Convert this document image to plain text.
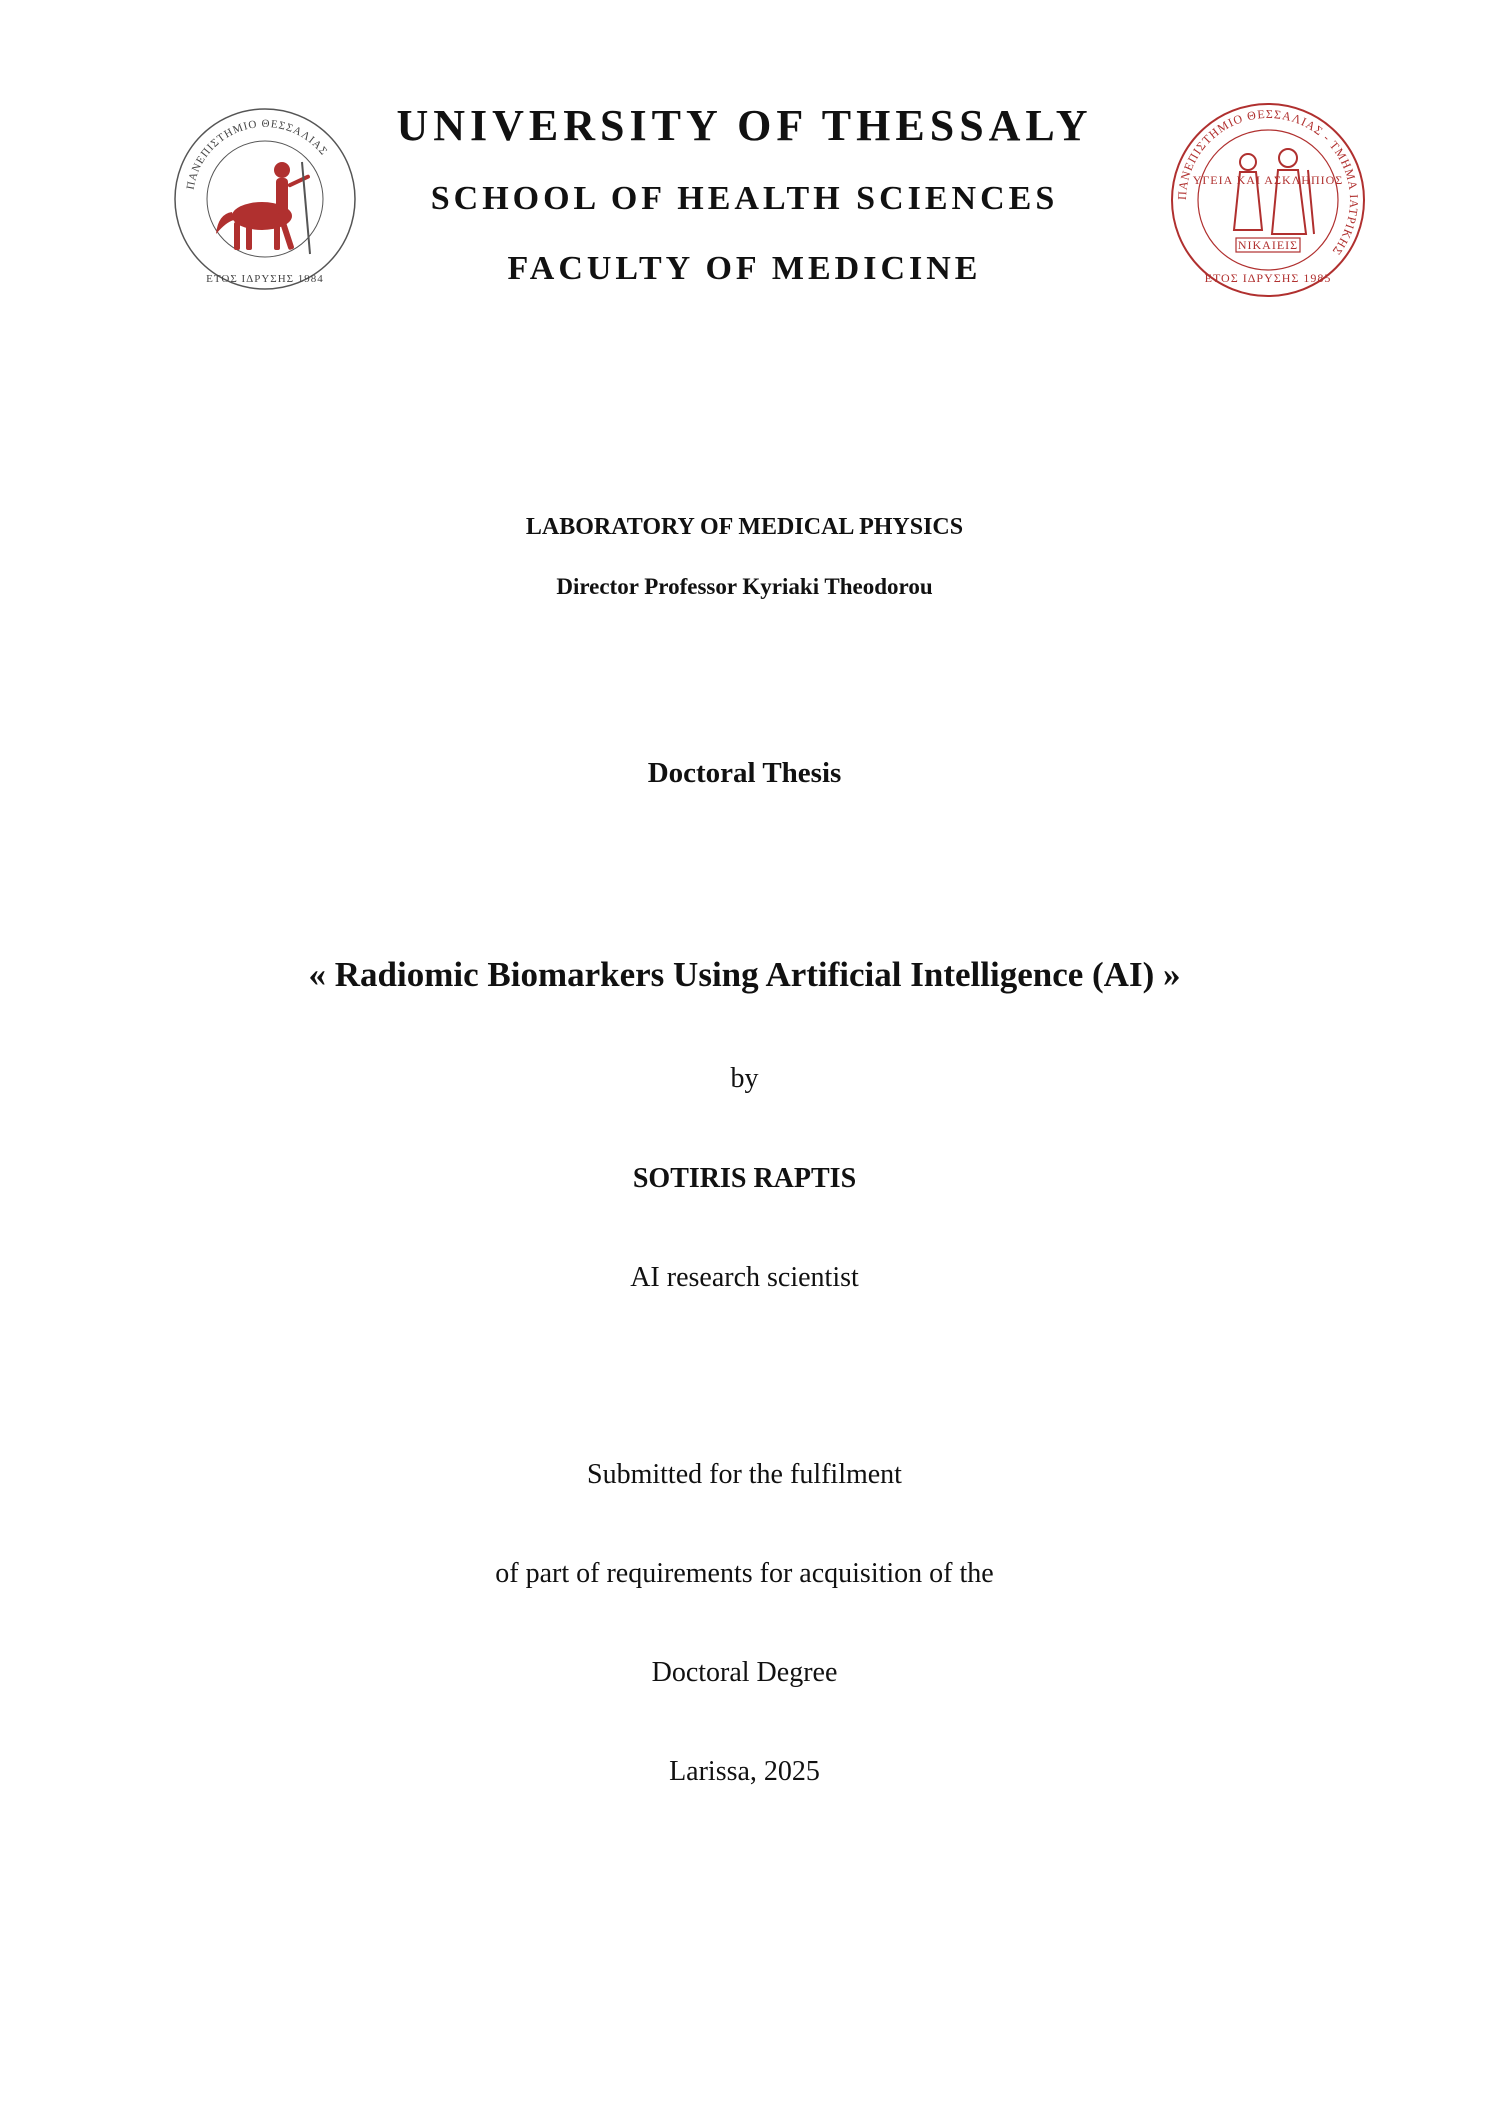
ΠΑΝΕΠΙΣΤΗΜΙΟ ΘΕΣΣΑΛΙΑΣ
ΕΤΟΣ ΙΔΡΥΣΗΣ 1984
ΠΑΝΕΠΙΣΤΗΜΙΟ ΘΕΣΣΑΛΙΑΣ - ΤΜΗΜΑ ΙΑΤΡΙΚΗΣ
ΥΓΕΙΑ ΚΑΙ ΑΣΚΛΗΠΙΟΣ
ΝΙΚΑΙΕΙΣ
ΕΤΟΣ ΙΔΡΥΣΗΣ 1985
UNIVERSITY OF THESSALY
SCHOOL OF HEALTH SCIENCES
FACULTY OF MEDICINE
LABORATORY OF MEDICAL PHYSICS
Director Professor Kyriaki Theodorou
Doctoral Thesis
« Radiomic Biomarkers Using Artificial Intelligence (AI) »
by
SOTIRIS RAPTIS
AI research scientist
Submitted for the fulfilment
of part of requirements for acquisition of the
Doctoral Degree
Larissa, 2025
